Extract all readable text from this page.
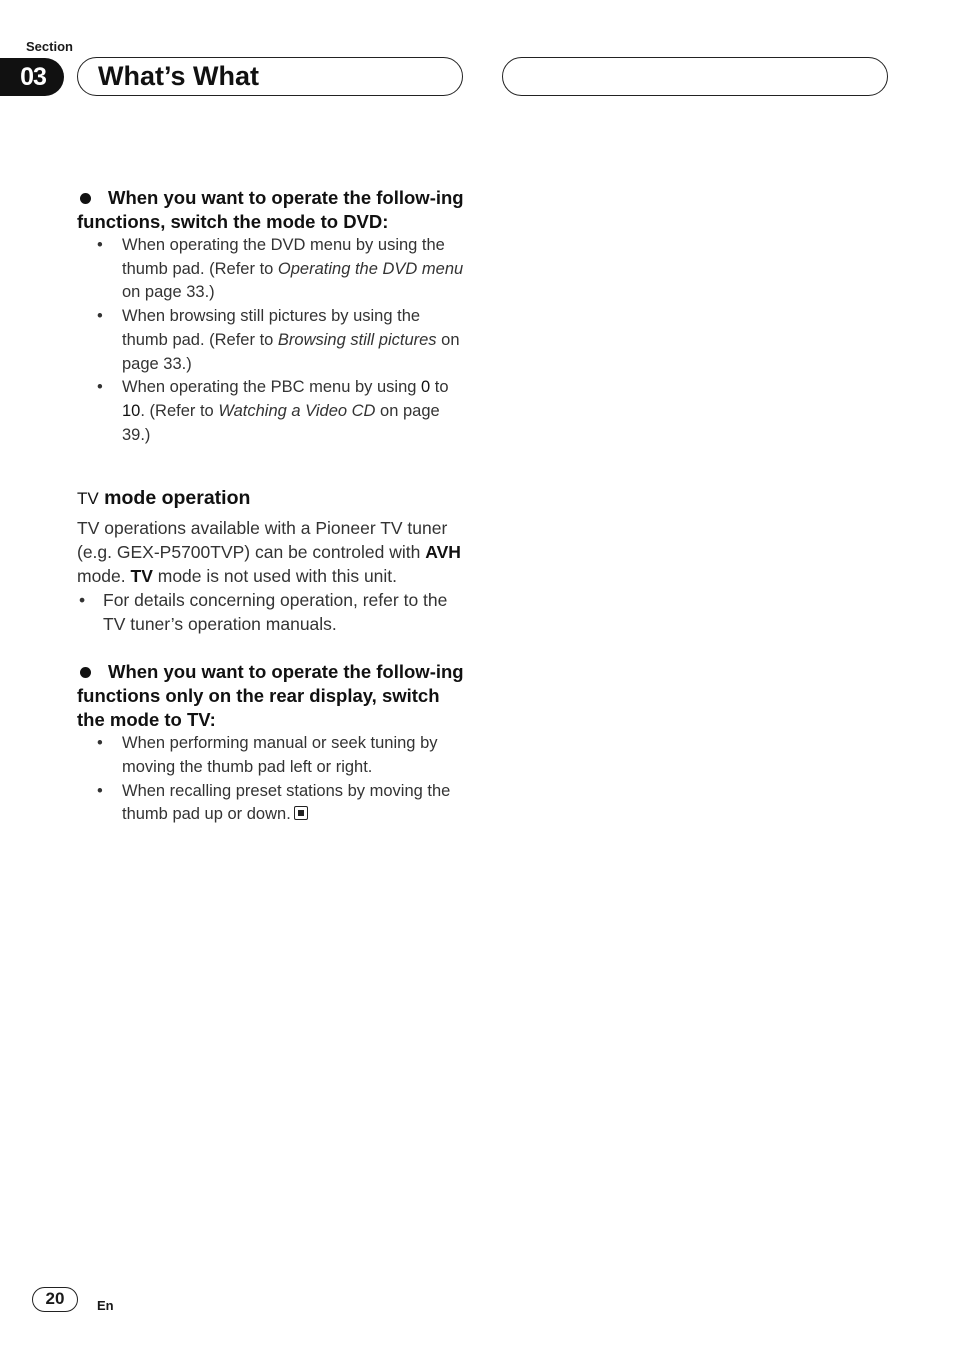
Section
03	What’s What

When you want to operate the follow-ing functions, switch the mode to DVD:

• When operating the DVD menu by using the thumb pad. (Refer to Operating the DVD menu on page 33.)
• When browsing still pictures by using the thumb pad. (Refer to Browsing still pictures on page 33.)
• When operating the PBC menu by using 0 to 10. (Refer to Watching a Video CD on page 39.)
TV mode operation

TV operations available with a Pioneer TV tuner (e.g. GEX-P5700TVP) can be controled with AVH mode. TV mode is not used with this unit.

• For details concerning operation, refer to the TV tuner’s operation manuals.

When you want to operate the follow-ing functions only on the rear display, switch the mode to TV:

• When performing manual or seek tuning by moving the thumb pad left or right.
• When recalling preset stations by moving the thumb pad up or down.
20	En
